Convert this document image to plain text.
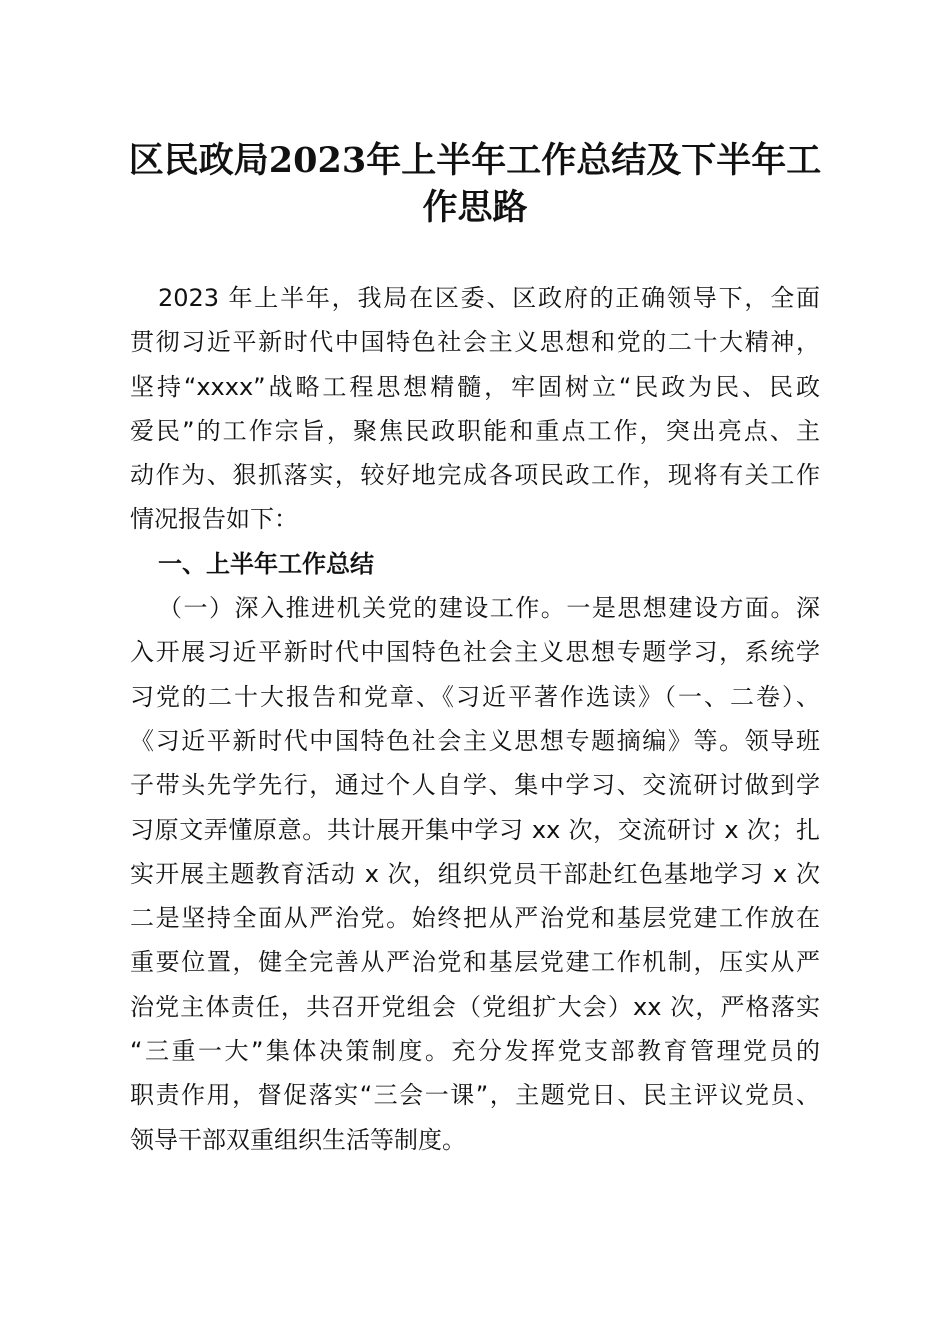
区民政局2023年上半年工作总结及下半年工
作思路
2023 年上半年，我局在区委、区政府的正确领导下，全面
贯彻习近平新时代中国特色社会主义思想和党的二十大精神，
坚持“xxxx”战略工程思想精髓，牢固树立“民政为民、民政
爱民”的工作宗旨，聚焦民政职能和重点工作，突出亮点、主
动作为、狠抓落实，较好地完成各项民政工作，现将有关工作
情况报告如下：
一、上半年工作总结
（一）深入推进机关党的建设工作。一是思想建设方面。深
入开展习近平新时代中国特色社会主义思想专题学习，系统学
习党的二十大报告和党章、《习近平著作选读》（一、二卷）、
《习近平新时代中国特色社会主义思想专题摘编》等。领导班
子带头先学先行，通过个人自学、集中学习、交流研讨做到学
习原文弄懂原意。共计展开集中学习 xx 次，交流研讨 x 次；扎
实开展主题教育活动 x 次，组织党员干部赴红色基地学习 x 次
二是坚持全面从严治党。始终把从严治党和基层党建工作放在
重要位置，健全完善从严治党和基层党建工作机制，压实从严
治党主体责任，共召开党组会（党组扩大会）xx 次，严格落实
“三重一大”集体决策制度。充分发挥党支部教育管理党员的
职责作用，督促落实“三会一课”，主题党日、民主评议党员、
领导干部双重组织生活等制度。
